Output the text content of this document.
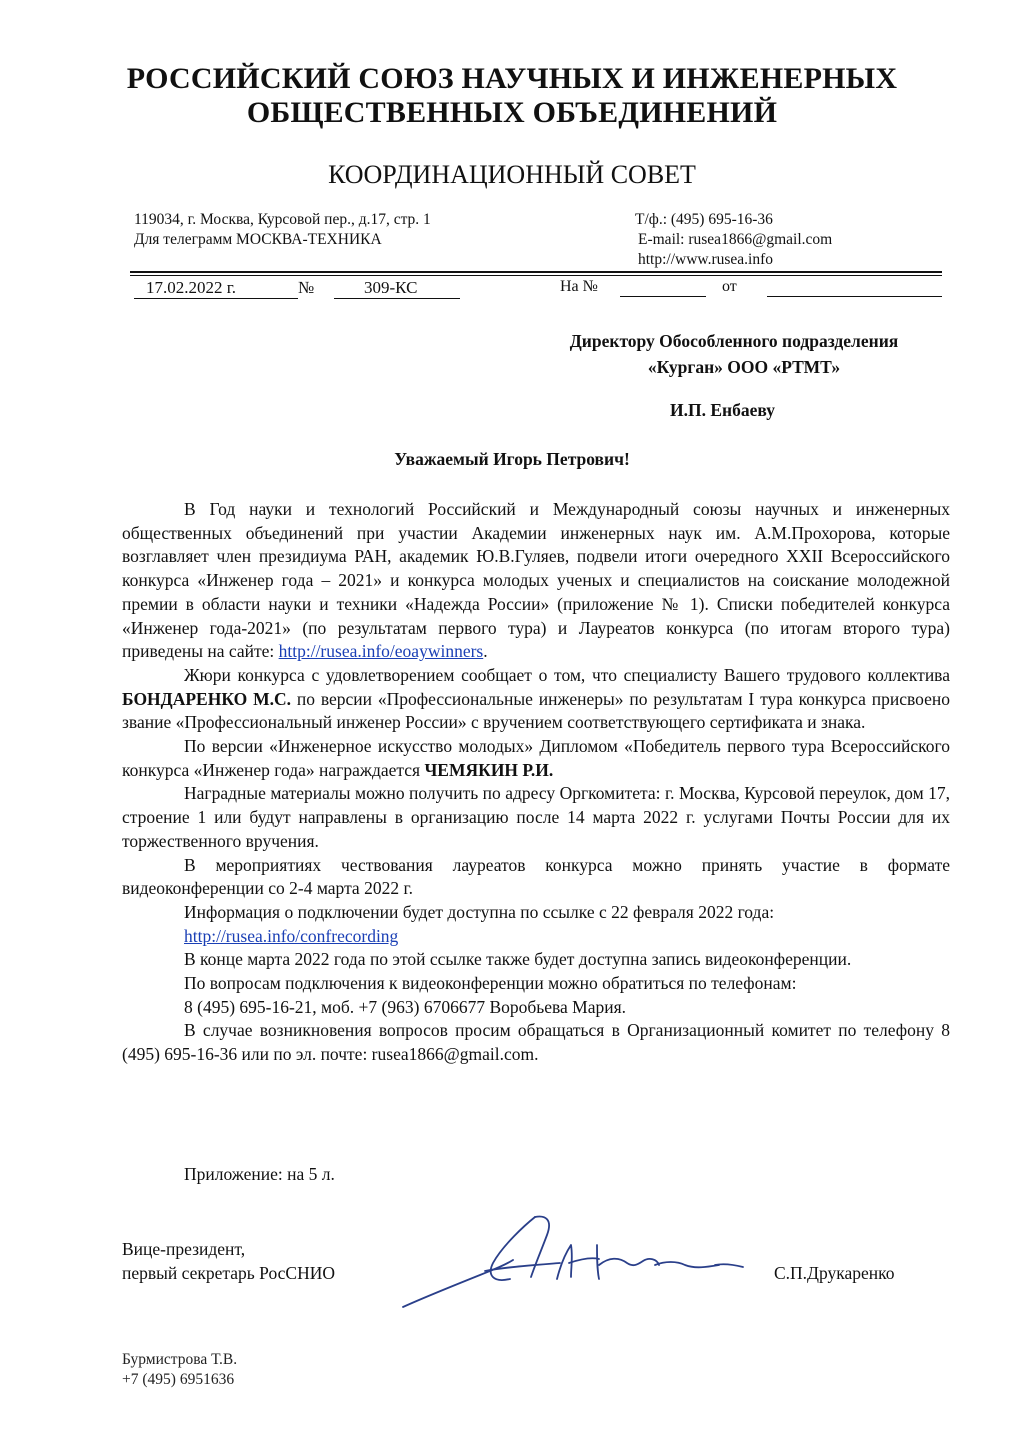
РОССИЙСКИЙ СОЮЗ НАУЧНЫХ И ИНЖЕНЕРНЫХ
ОБЩЕСТВЕННЫХ ОБЪЕДИНЕНИЙ
КООРДИНАЦИОННЫЙ СОВЕТ
119034, г. Москва, Курсовой пер., д.17, стр. 1
Для телеграмм МОСКВА-ТЕХНИКА
Т/ф.: (495) 695-16-36
E-mail: ruseа1866@gmail.com
http://www.rusea.info
17.02.2022 г.	№	309-КС	На №	от
Директору Обособленного подразделения
«Курган» ООО «РТМТ»
И.П. Енбаеву
Уважаемый Игорь Петрович!

В Год науки и технологий Российский и Международный союзы научных и инженерных общественных объединений при участии Академии инженерных наук им. А.М.Прохорова, которые возглавляет член президиума РАН, академик Ю.В.Гуляев, подвели итоги очередного XXII Всероссийского конкурса «Инженер года – 2021» и конкурса молодых ученых и специалистов на соискание молодежной премии в области науки и техники «Надежда России» (приложение № 1). Списки победителей конкурса «Инженер года-2021» (по результатам первого тура) и Лауреатов конкурса (по итогам второго тура) приведены на сайте: http://rusea.info/eoaywinners.

Жюри конкурса с удовлетворением сообщает о том, что специалисту Вашего трудового коллектива БОНДАРЕНКО М.С. по версии «Профессиональные инженеры» по результатам I тура конкурса присвоено звание «Профессиональный инженер России» с вручением соответствующего сертификата и знака.

По версии «Инженерное искусство молодых» Дипломом «Победитель первого тура Всероссийского конкурса «Инженер года» награждается ЧЕМЯКИН Р.И.

Наградные материалы можно получить по адресу Оргкомитета: г. Москва, Курсовой переулок, дом 17, строение 1 или будут направлены в организацию после 14 марта 2022 г. услугами Почты России для их торжественного вручения.

В мероприятиях чествования лауреатов конкурса можно принять участие в формате видеоконференции со 2-4 марта 2022 г.

Информация о подключении будет доступна по ссылке с 22 февраля 2022 года:

http://rusea.info/confrecording

В конце марта 2022 года по этой ссылке также будет доступна запись видеоконференции.

По вопросам подключения к видеоконференции можно обратиться по телефонам:

8 (495) 695-16-21, моб. +7 (963) 6706677 Воробьева Мария.

В случае возникновения вопросов просим обращаться в Организационный комитет по телефону 8 (495) 695-16-36 или по эл. почте: ruseа1866@gmail.com.

Приложение: на 5 л.
Вице-президент,
первый секретарь РосСНИО	С.П.Друкаренко
Бурмистрова Т.В.
+7 (495) 6951636
